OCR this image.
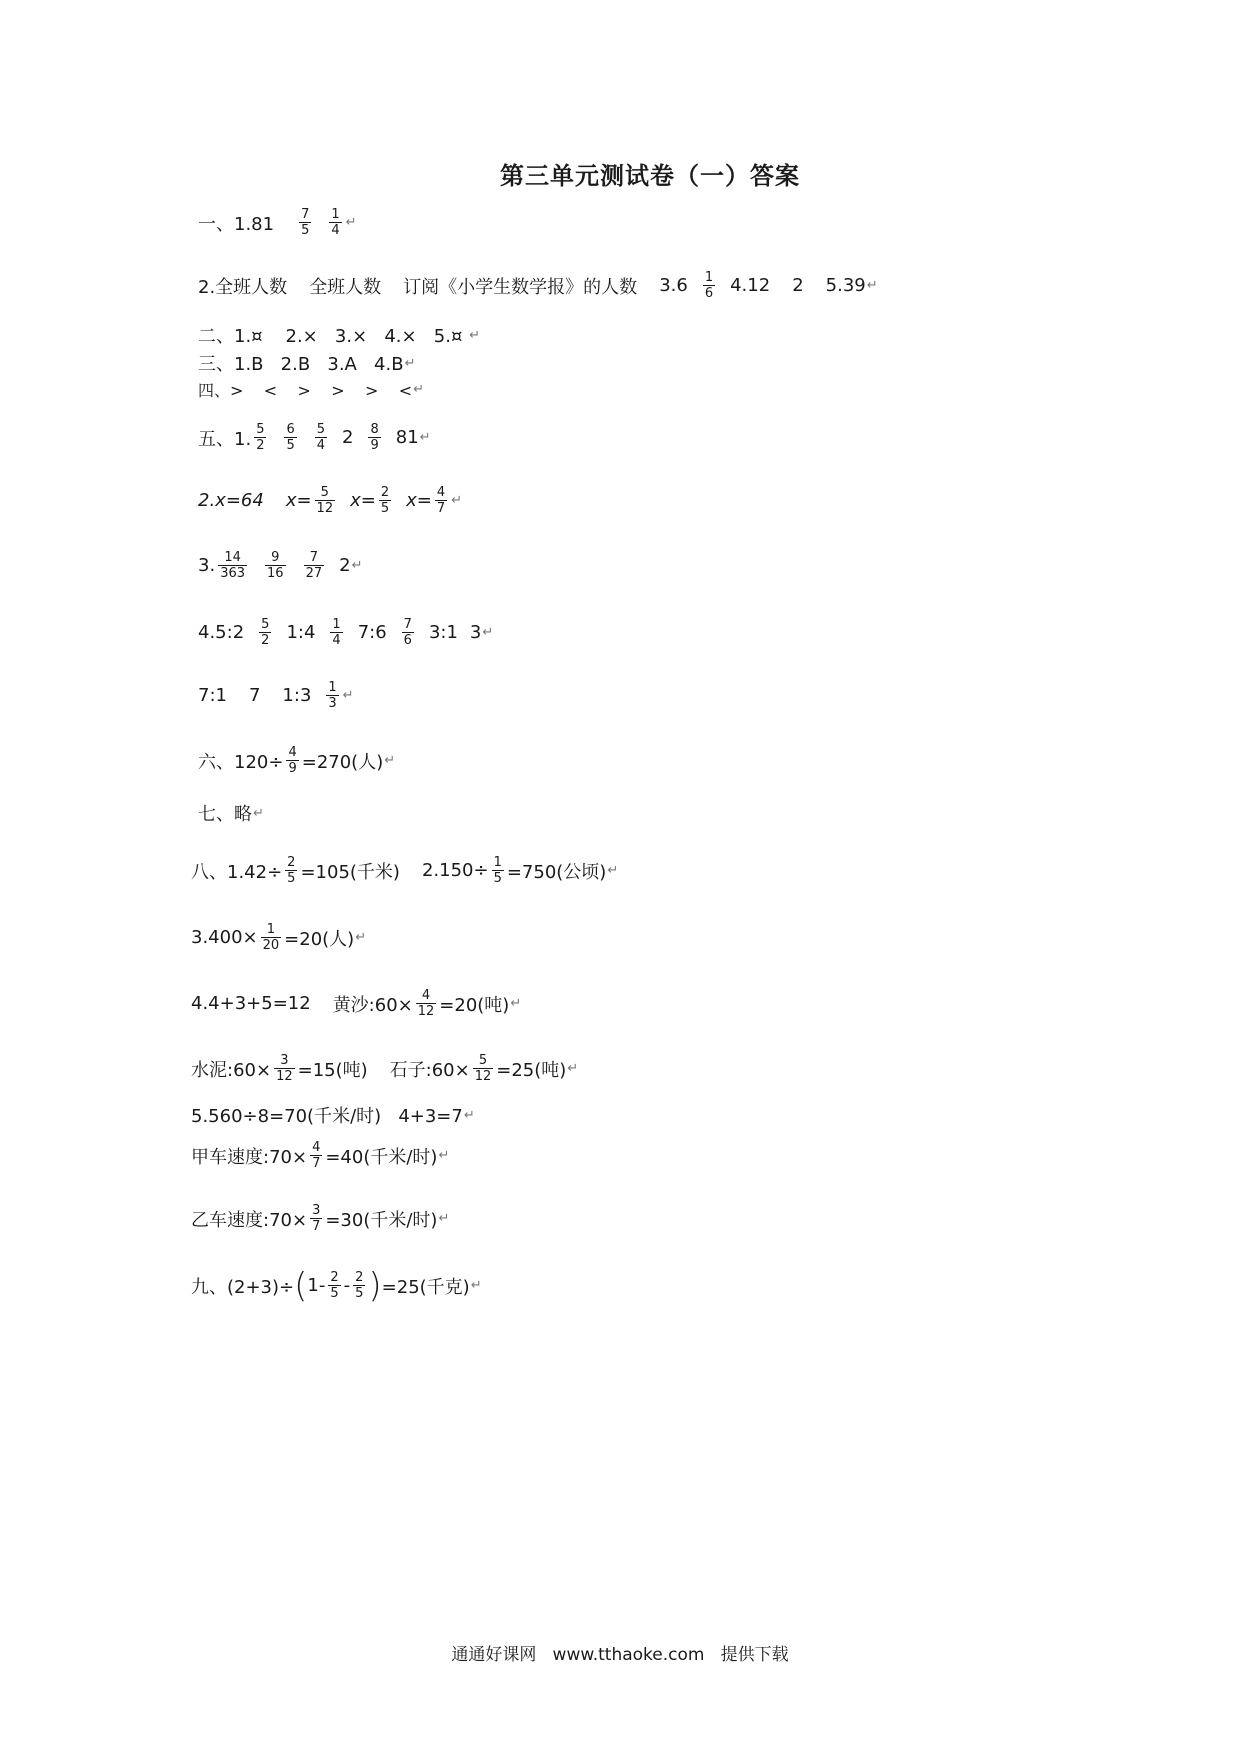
第三单元测试卷（一）答案
一、$1.81 \frac{7}{5} \frac{1}{4}$ ↵
2.全班人数 全班人数 订阅《小学生数学报》的人数 $3.6 \frac{1}{6} 4.12$ 2 5.39 ↵
二、1.¤    2.×   3.×   4.×   5.¤ ↵
三、1.B   2.B   3.A   4.B ↵
四、>    <    >    >    >    < ↵
五、1. $\frac{5}{2} \frac{6}{5} \frac{5}{4} 2 \frac{8}{9} 81$ ↵
2.x=64 $x= \frac{5}{12} x= \frac{2}{5} x= \frac{4}{7}$ ↵
3. $\frac{14}{363} \frac{9}{16} \frac{7}{27} 2$ ↵
4.5:2 $\frac{5}{2}$ 1:4 $\frac{1}{4}$ 7:6 $\frac{7}{6}$ 3:1 3 ↵
7:1 7 1:3 $\frac{1}{3}$ ↵
六、$120\div \frac{4}{9} =270$(人) ↵
七、略 ↵
八、$1.42\div \frac{2}{5} =105$(千米) $2.150\div \frac{1}{5} =750$(公顷) ↵
$3.400\times \frac{1}{20} =20$(人) ↵
4.4+3+5=12 黄沙:60× $\frac{4}{12} =20$(吨) ↵
水泥:60× $\frac{3}{12} =15$(吨) 石子:60× $\frac{5}{12} =25$(吨) ↵
5.560÷8=70(千米/时)   4+3=7 ↵
甲车速度:70× $\frac{4}{7} =40$(千米/时) ↵
乙车速度:70× $\frac{3}{7} =30$(千米/时) ↵
九、(2+3)÷ ( $1- \frac{2}{5} - \frac{2}{5}$ ) =25(千克) ↵
通通好课网   www.tthaoke.com   提供下载
